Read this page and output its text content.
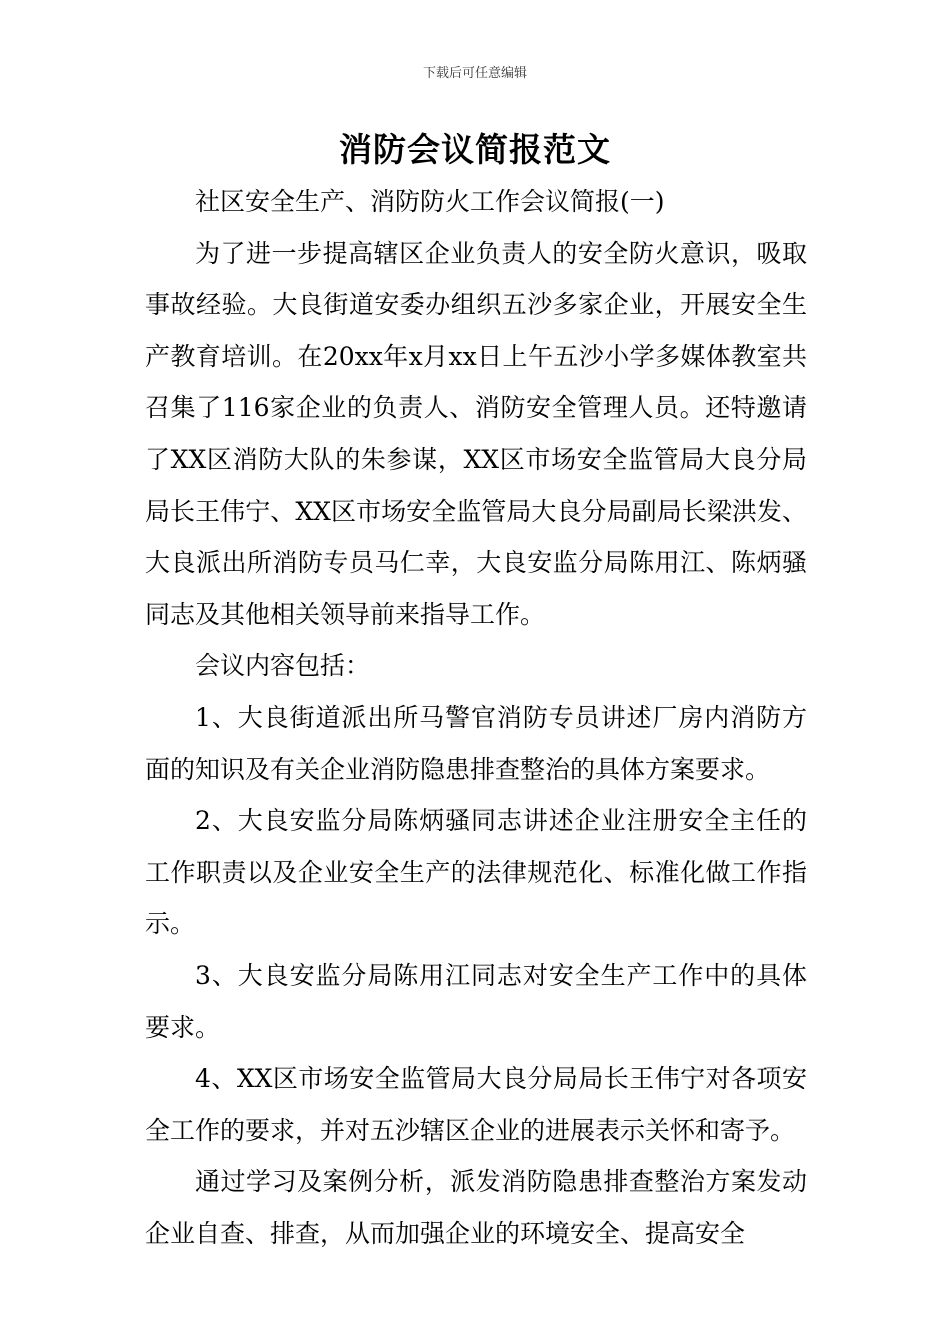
下载后可任意编辑
消防会议简报范文

社区安全生产、消防防火工作会议简报(一)

为了进一步提高辖区企业负责人的安全防火意识，吸取事故经验。大良街道安委办组织五沙多家企业，开展安全生产教育培训。在20xx年x月xx日上午五沙小学多媒体教室共召集了116家企业的负责人、消防安全管理人员。还特邀请了XX区消防大队的朱参谋，XX区市场安全监管局大良分局局长王伟宁、XX区市场安全监管局大良分局副局长梁洪发、大良派出所消防专员马仁幸，大良安监分局陈用江、陈炳骚同志及其他相关领导前来指导工作。

会议内容包括：

1、大良街道派出所马警官消防专员讲述厂房内消防方面的知识及有关企业消防隐患排查整治的具体方案要求。

2、大良安监分局陈炳骚同志讲述企业注册安全主任的工作职责以及企业安全生产的法律规范化、标准化做工作指示。

3、大良安监分局陈用江同志对安全生产工作中的具体要求。

4、XX区市场安全监管局大良分局局长王伟宁对各项安全工作的要求，并对五沙辖区企业的进展表示关怀和寄予。

通过学习及案例分析，派发消防隐患排查整治方案发动企业自查、排查，从而加强企业的环境安全、提高安全
